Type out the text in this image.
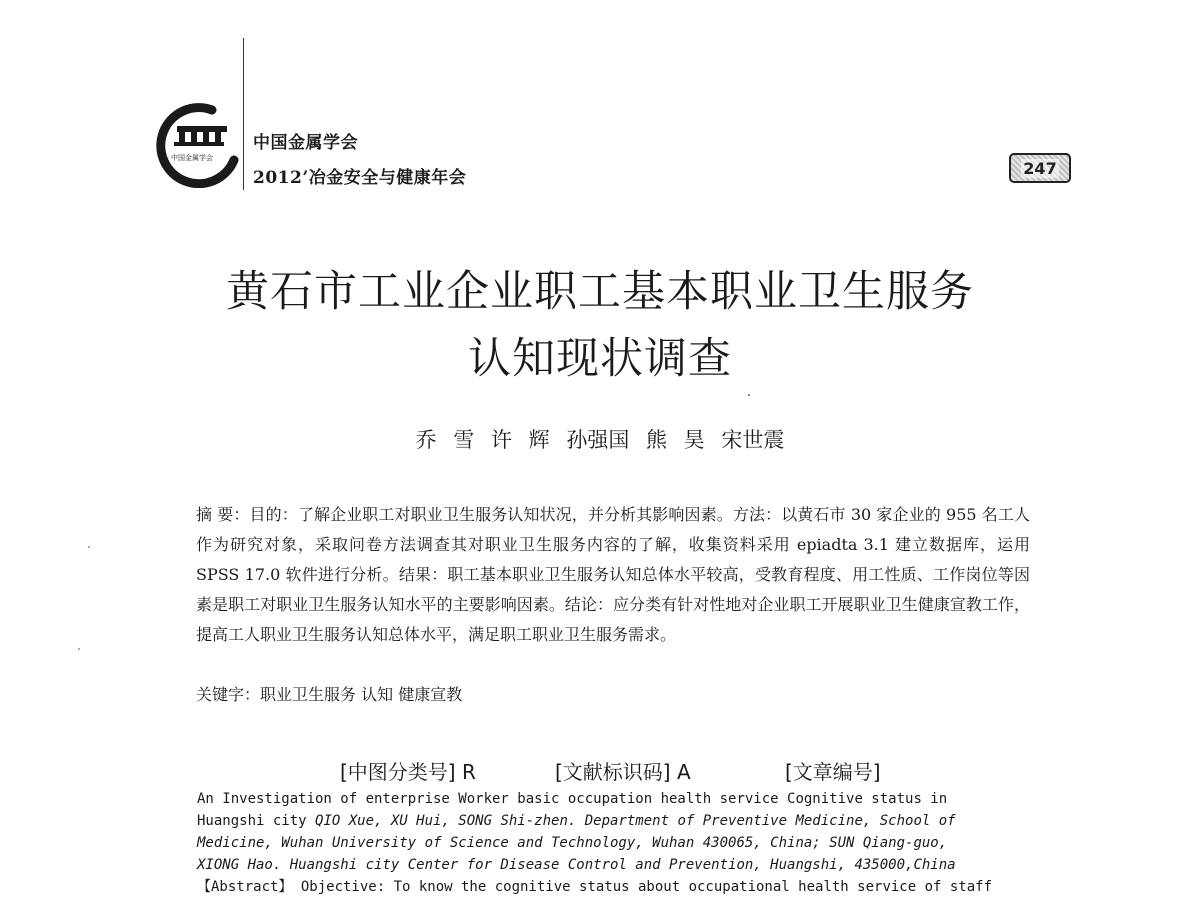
中国金属学会
中国金属学会
2012’冶金安全与健康年会	247
黄石市工业企业职工基本职业卫生服务
认知现状调查
乔 雪 许 辉 孙强国 熊 昊 宋世震
摘 要：目的：了解企业职工对职业卫生服务认知状况，并分析其影响因素。方法：以黄石市 30 家企业的 955 名工人作为研究对象，采取问卷方法调查其对职业卫生服务内容的了解，收集资料采用 epiadta 3.1 建立数据库，运用 SPSS 17.0 软件进行分析。结果：职工基本职业卫生服务认知总体水平较高，受教育程度、用工性质、工作岗位等因素是职工对职业卫生服务认知水平的主要影响因素。结论：应分类有针对性地对企业职工开展职业卫生健康宣教工作，提高工人职业卫生服务认知总体水平，满足职工职业卫生服务需求。
关键字：职业卫生服务 认知 健康宣教
[中图分类号] R	[文献标识码] A	[文章编号]
An Investigation of enterprise Worker basic occupation health service Cognitive status in
Huangshi city QIO Xue, XU Hui, SONG Shi-zhen. Department of Preventive Medicine, School of
Medicine, Wuhan University of Science and Technology, Wuhan 430065, China; SUN Qiang-guo,
XIONG Hao. Huangshi city Center for Disease Control and Prevention, Huangshi, 435000,China
【Abstract】 Objective: To know the cognitive status about occupational health service of staff
